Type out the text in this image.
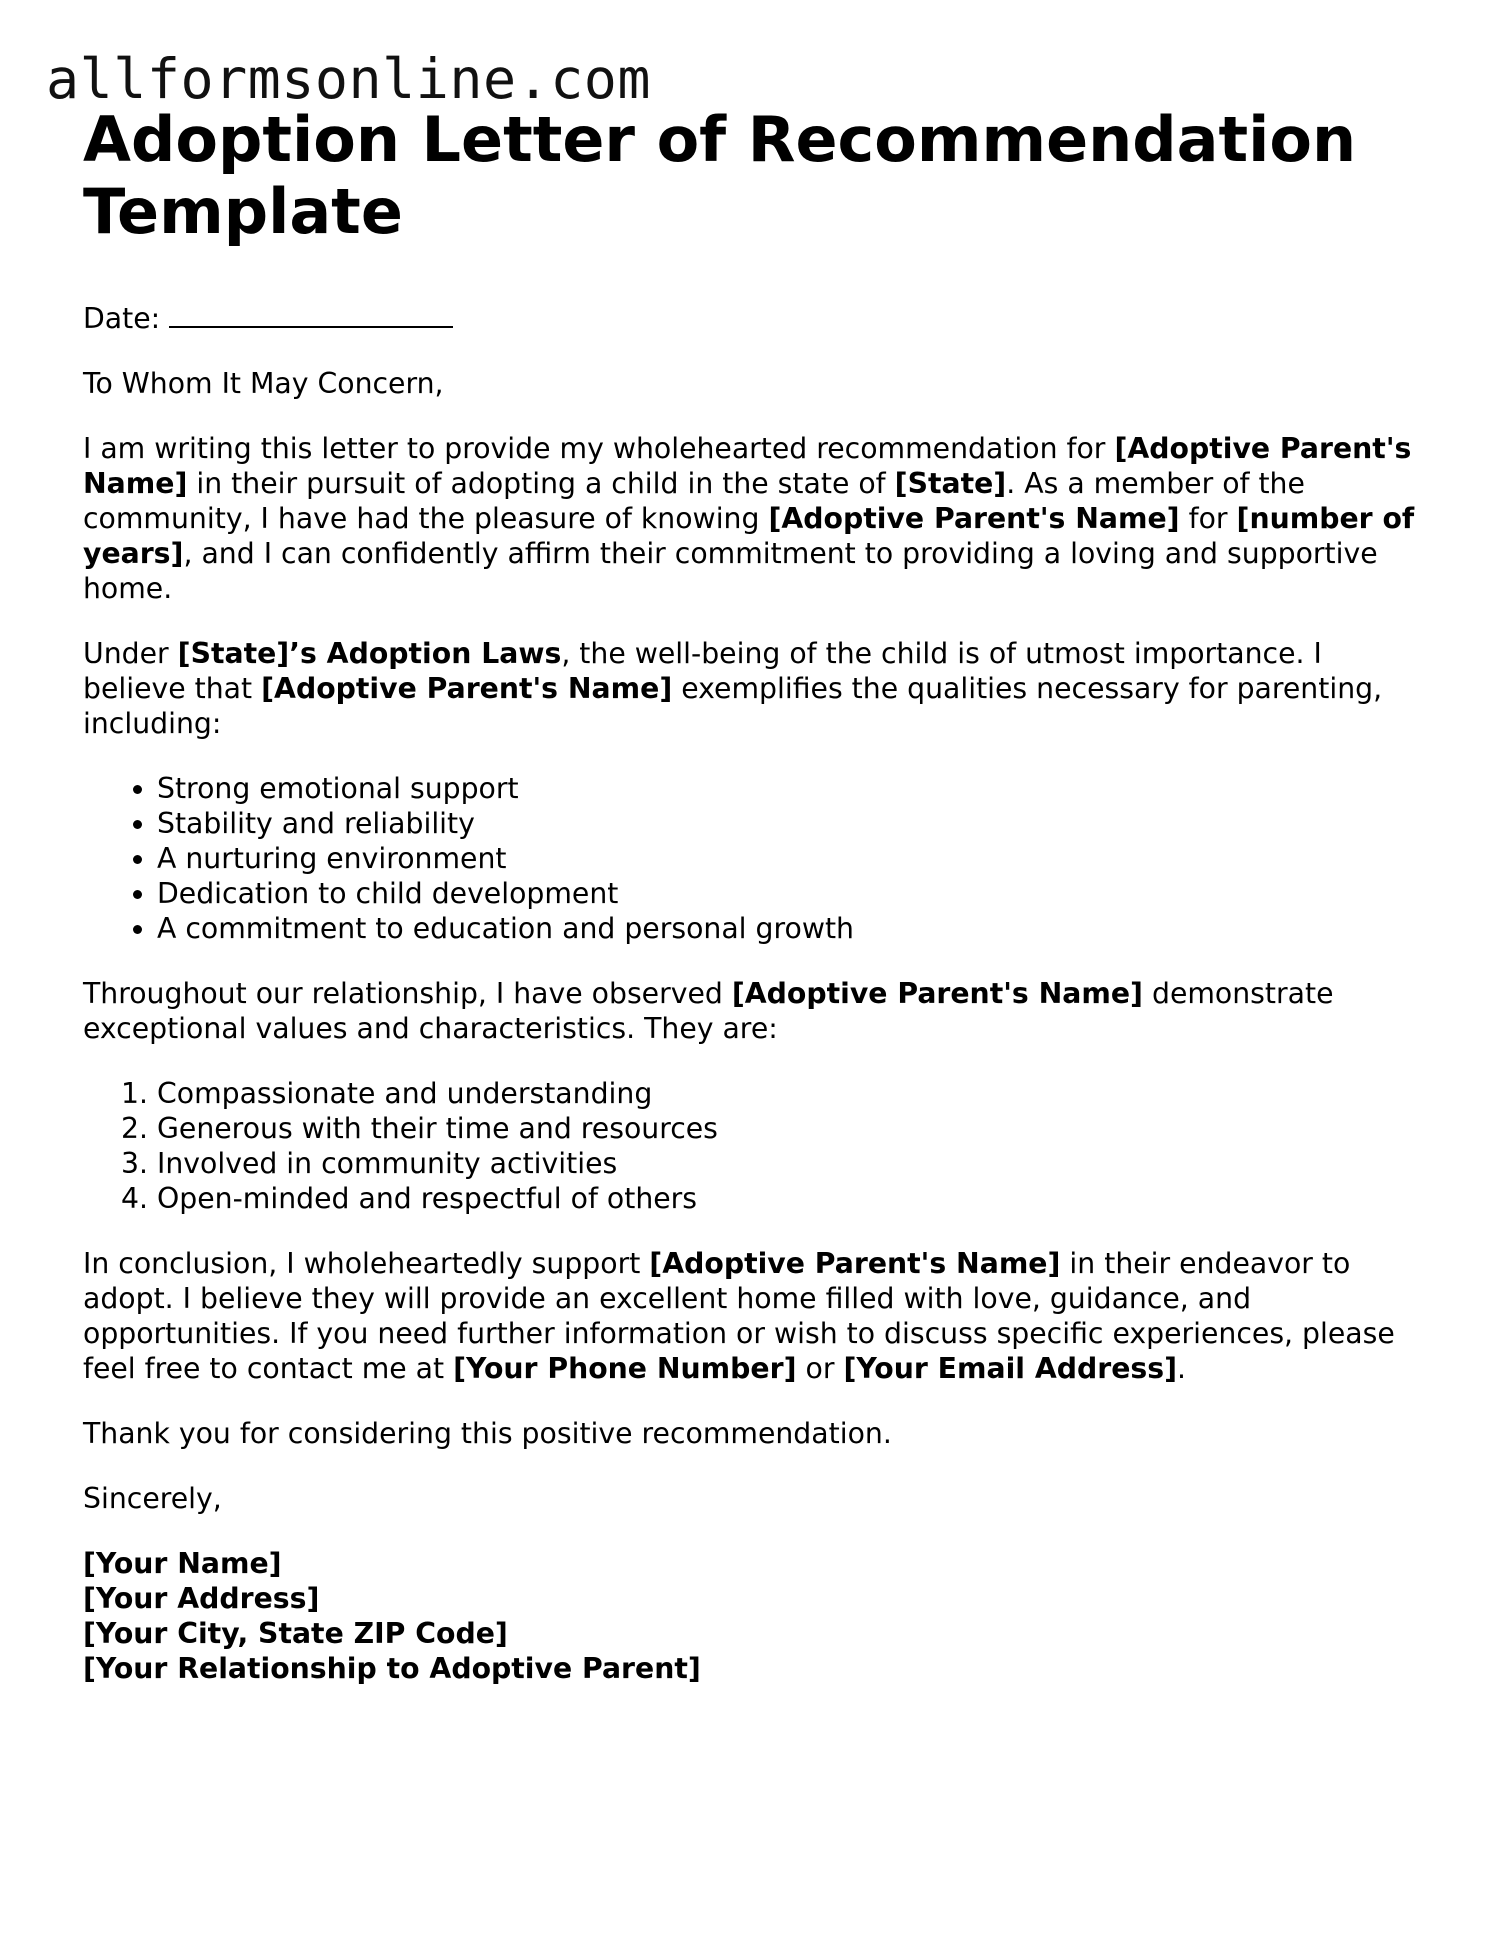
allformsonline.com
Adoption Letter of Recommendation Template

Date:

To Whom It May Concern,

I am writing this letter to provide my wholehearted recommendation for [Adoptive Parent's Name] in their pursuit of adopting a child in the state of [State]. As a member of the community, I have had the pleasure of knowing [Adoptive Parent's Name] for [number of years], and I can confidently affirm their commitment to providing a loving and supportive home.

Under [State]’s Adoption Laws, the well-being of the child is of utmost importance. I believe that [Adoptive Parent's Name] exemplifies the qualities necessary for parenting, including:

• Strong emotional support
• Stability and reliability
• A nurturing environment
• Dedication to child development
• A commitment to education and personal growth

Throughout our relationship, I have observed [Adoptive Parent's Name] demonstrate exceptional values and characteristics. They are:

1. Compassionate and understanding
2. Generous with their time and resources
3. Involved in community activities
4. Open-minded and respectful of others

In conclusion, I wholeheartedly support [Adoptive Parent's Name] in their endeavor to adopt. I believe they will provide an excellent home filled with love, guidance, and opportunities. If you need further information or wish to discuss specific experiences, please feel free to contact me at [Your Phone Number] or [Your Email Address].

Thank you for considering this positive recommendation.

Sincerely,

[Your Name]
[Your Address]
[Your City, State ZIP Code]
[Your Relationship to Adoptive Parent]
